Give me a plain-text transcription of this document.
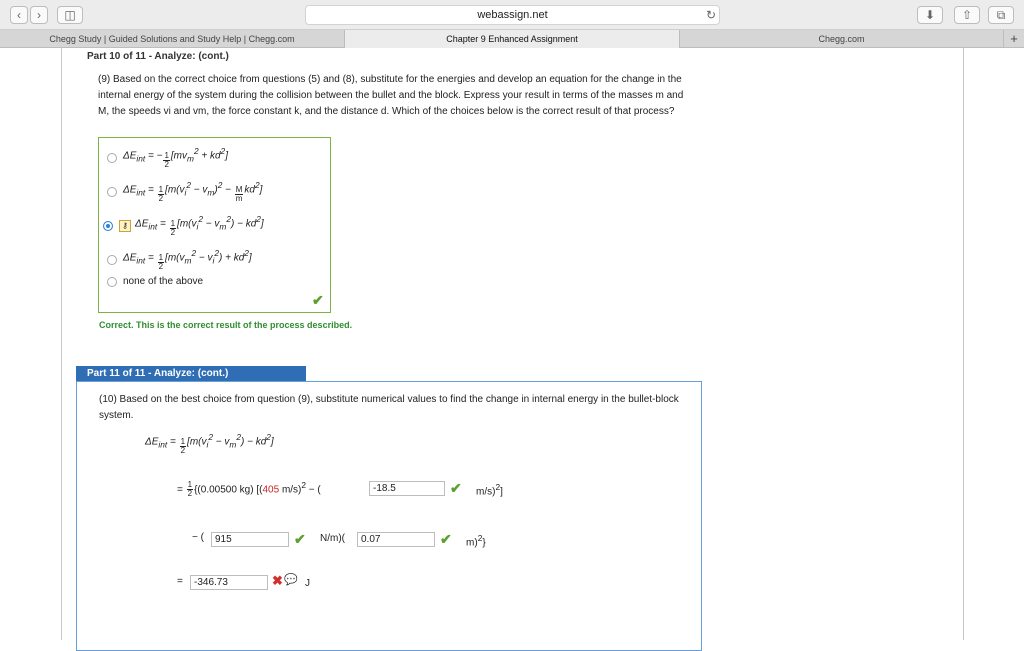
‹	›	◫	webassign.net	↻	⬇	⇧	⧉
Chegg Study | Guided Solutions and Study Help | Chegg.com	Chapter 9 Enhanced Assignment	Chegg.com	+
Part 10 of 11 - Analyze: (cont.)
(9) Based on the correct choice from questions (5) and (8), substitute for the energies and develop an equation for the change in the internal energy of the system during the collision between the bullet and the block. Express your result in terms of the masses m and M, the speeds vi and vm, the force constant k, and the distance d. Which of the choices below is the correct result of that process?
$\Delta E_{int}$ = − $\frac{1}{2} [mv_m^2 + kd^2]$
$\Delta E_{int} = \frac{1}{2} [m(v_i^2 - v_m)^2 - \frac{M}{m} kd^2]$
⚷ $\Delta E_{int} = \frac{1}{2} [m(v_i^2 - v_m^2) - kd^2]$
$\Delta E_{int} = \frac{1}{2} [m(v_m^2 - v_i^2) + kd^2]$
none of the above
✔
Correct. This is the correct result of the process described.
Part 11 of 11 - Analyze: (cont.)
(10) Based on the best choice from question (9), substitute numerical values to find the change in internal energy in the bullet-block system.
$\Delta E_{int} = \frac{1}{2} [m(v_i^2 - v_m^2) - kd^2]$
= $\frac{1}{2} \{(0.00500$ kg) [(405 m/s)$^2$ − (
-18.5	✔ m/s)$^2$]
− (
915	✔ N/m)(
0.07	✔ m)$^2$}
=
-346.73	✖ 💬 J
